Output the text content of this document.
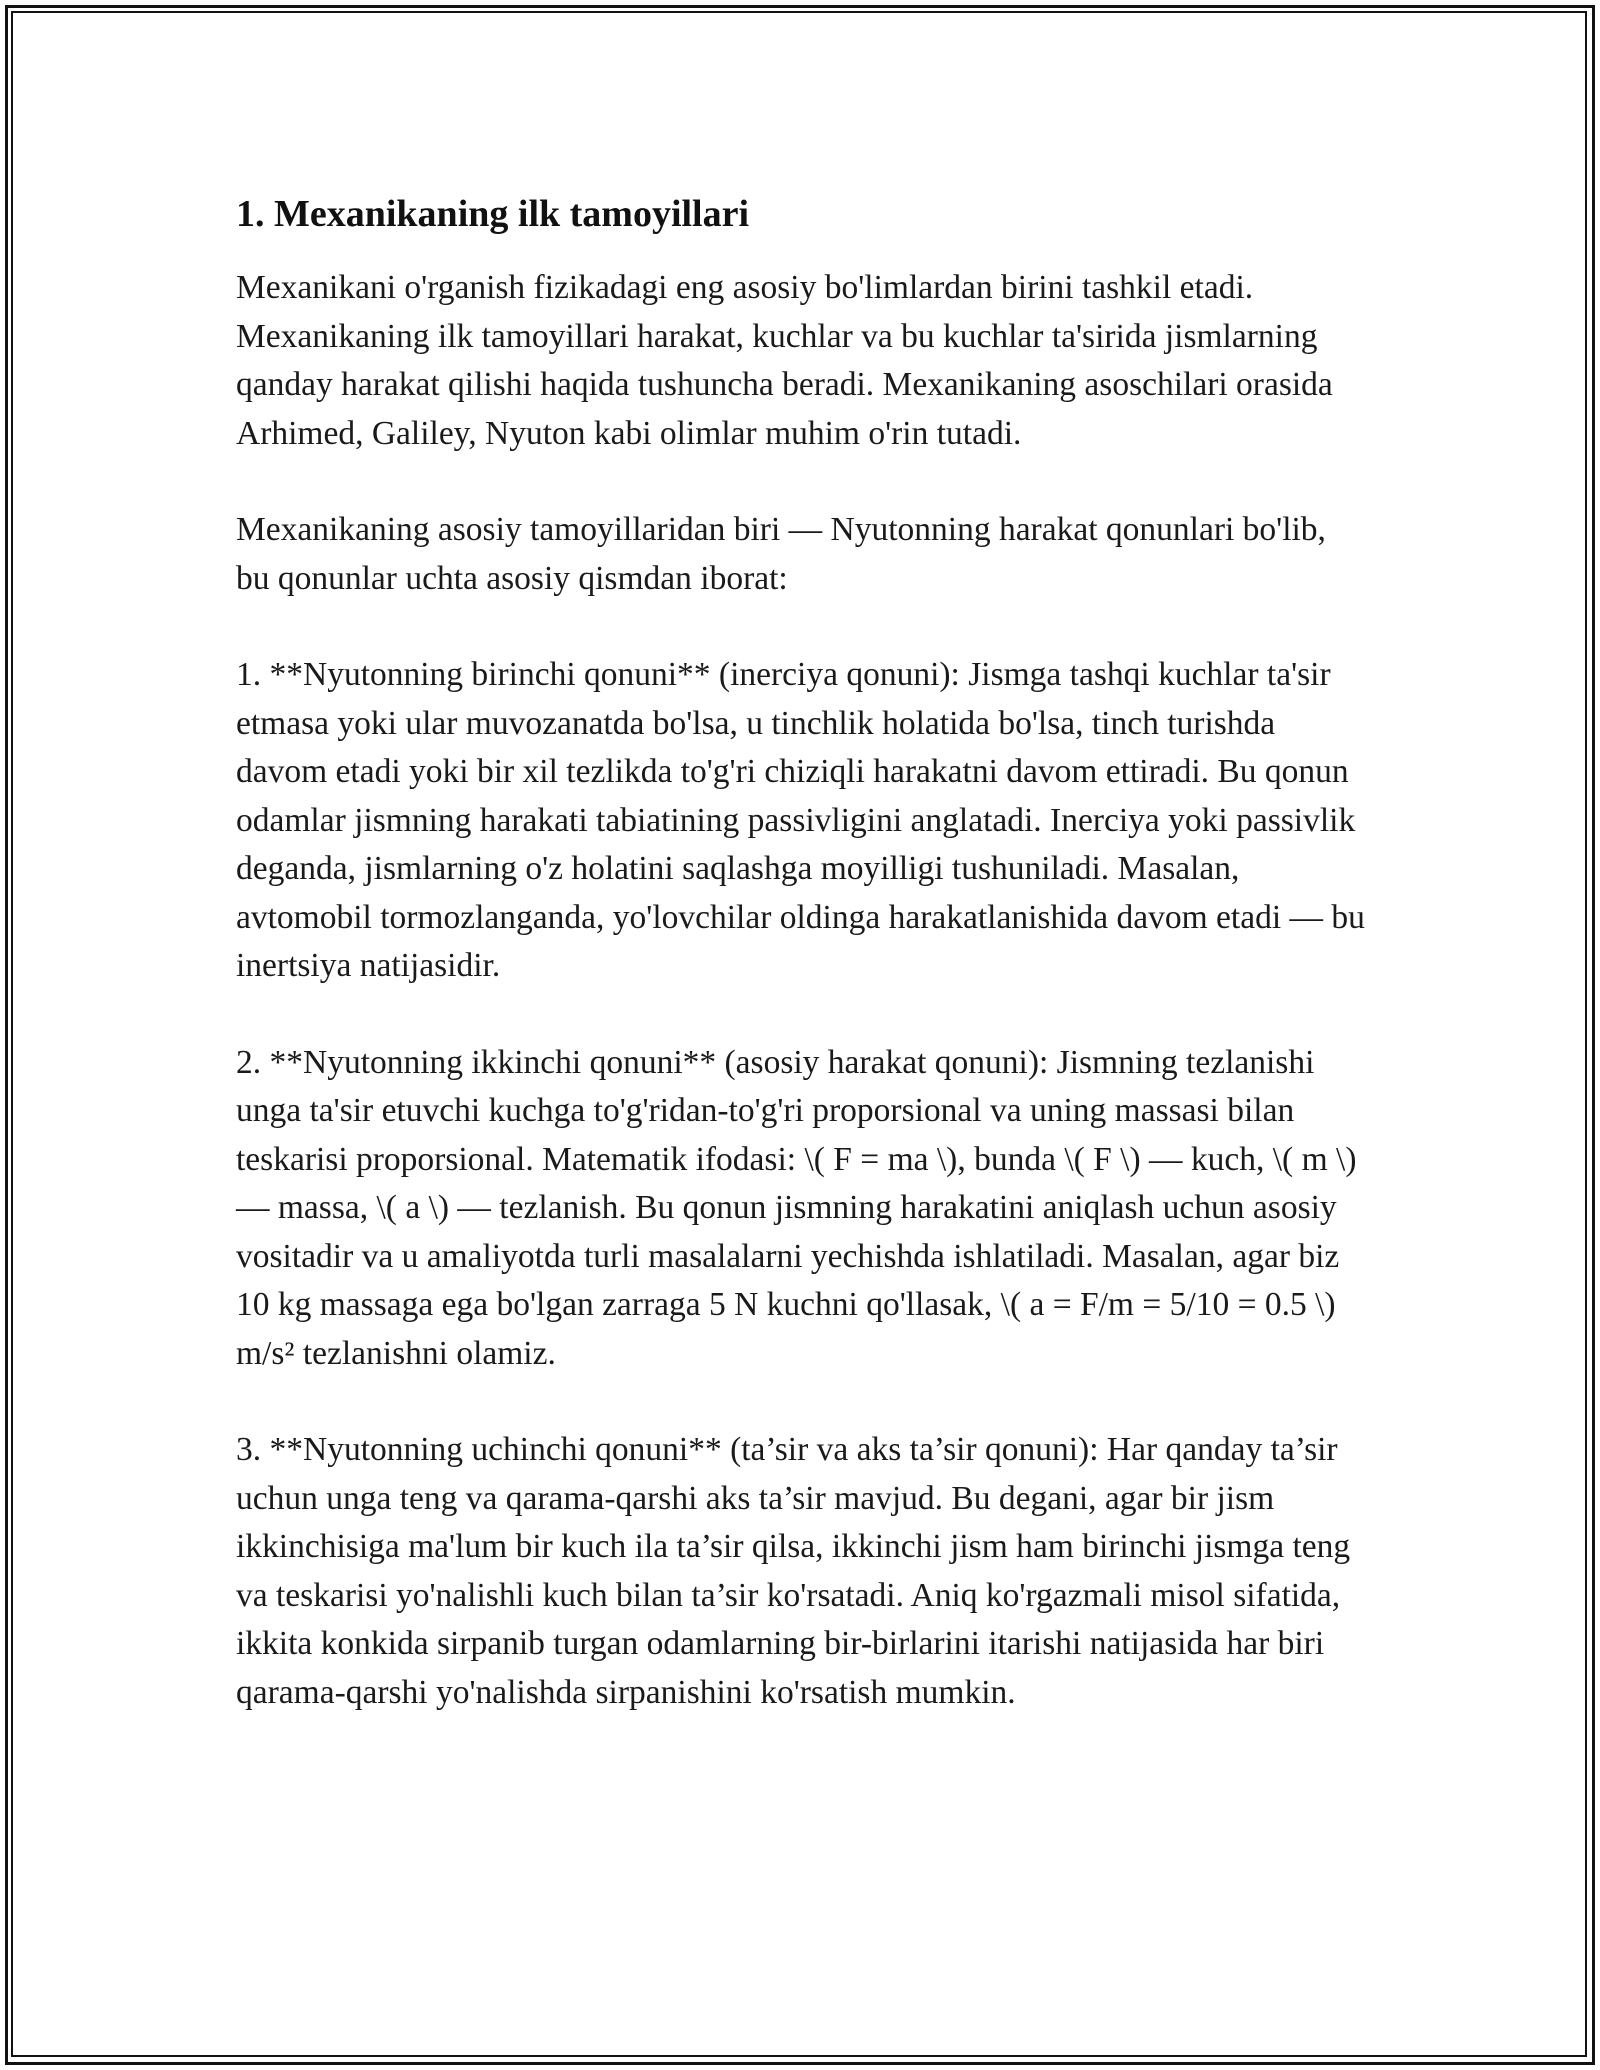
1. Mexanikaning ilk tamoyillari

Mexanikani o'rganish fizikadagi eng asosiy bo'limlardan birini tashkil etadi. Mexanikaning ilk tamoyillari harakat, kuchlar va bu kuchlar ta'sirida jismlarning qanday harakat qilishi haqida tushuncha beradi. Mexanikaning asoschilari orasida Arhimed, Galiley, Nyuton kabi olimlar muhim o'rin tutadi.

Mexanikaning asosiy tamoyillaridan biri — Nyutonning harakat qonunlari bo'lib, bu qonunlar uchta asosiy qismdan iborat:

1. **Nyutonning birinchi qonuni** (inerciya qonuni): Jismga tashqi kuchlar ta'sir etmasa yoki ular muvozanatda bo'lsa, u tinchlik holatida bo'lsa, tinch turishda davom etadi yoki bir xil tezlikda to'g'ri chiziqli harakatni davom ettiradi. Bu qonun odamlar jismning harakati tabiatining passivligini anglatadi. Inerciya yoki passivlik deganda, jismlarning o'z holatini saqlashga moyilligi tushuniladi. Masalan, avtomobil tormozlanganda, yo'lovchilar oldinga harakatlanishida davom etadi — bu inertsiya natijasidir.

2. **Nyutonning ikkinchi qonuni** (asosiy harakat qonuni): Jismning tezlanishi unga ta'sir etuvchi kuchga to'g'ridan-to'g'ri proporsional va uning massasi bilan teskarisi proporsional. Matematik ifodasi: \( F = ma \), bunda \( F \) — kuch, \( m \) — massa, \( a \) — tezlanish. Bu qonun jismning harakatini aniqlash uchun asosiy vositadir va u amaliyotda turli masalalarni yechishda ishlatiladi. Masalan, agar biz 10 kg massaga ega bo'lgan zarraga 5 N kuchni qo'llasak, \( a = F/m = 5/10 = 0.5 \) m/s² tezlanishni olamiz.

3. **Nyutonning uchinchi qonuni** (ta’sir va aks ta’sir qonuni): Har qanday ta’sir uchun unga teng va qarama-qarshi aks ta’sir mavjud. Bu degani, agar bir jism ikkinchisiga ma'lum bir kuch ila ta’sir qilsa, ikkinchi jism ham birinchi jismga teng va teskarisi yo'nalishli kuch bilan ta’sir ko'rsatadi. Aniq ko'rgazmali misol sifatida, ikkita konkida sirpanib turgan odamlarning bir-birlarini itarishi natijasida har biri qarama-qarshi yo'nalishda sirpanishini ko'rsatish mumkin.
